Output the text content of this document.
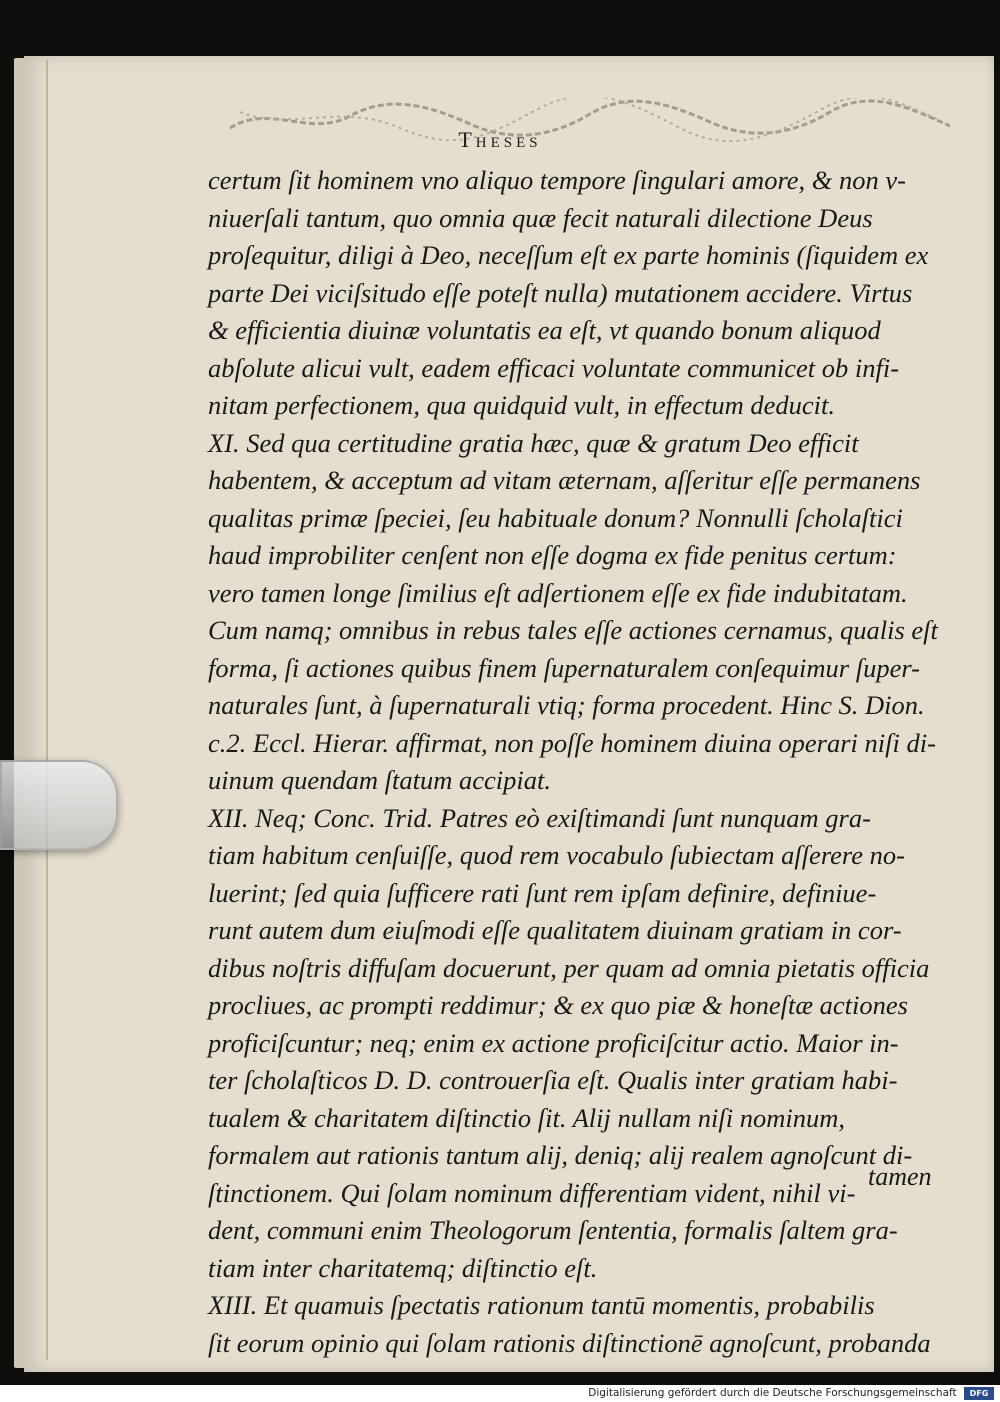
Theses
certum ſit hominem vno aliquo tempore ſingulari amore, & non v-
niuerſali tantum, quo omnia quæ fecit naturali dilectione Deus
proſequitur, diligi à Deo, neceſſum eſt ex parte hominis (ſiquidem ex
parte Dei viciſsitudo eſſe poteſt nulla) mutationem accidere. Virtus
& efficientia diuinæ voluntatis ea eſt, vt quando bonum aliquod
abſolute alicui vult, eadem efficaci voluntate communicet ob infi-
nitam perfectionem, qua quidquid vult, in effectum deducit.
XI. Sed qua certitudine gratia hæc, quæ & gratum Deo efficit
habentem, & acceptum ad vitam æternam, aſſeritur eſſe permanens
qualitas primæ ſpeciei, ſeu habituale donum? Nonnulli ſcholaſtici
haud improbiliter cenſent non eſſe dogma ex fide penitus certum:
vero tamen longe ſimilius eſt adſertionem eſſe ex fide indubitatam.
Cum namq; omnibus in rebus tales eſſe actiones cernamus, qualis eſt
forma, ſi actiones quibus finem ſupernaturalem conſequimur ſuper-
naturales ſunt, à ſupernaturali vtiq; forma procedent. Hinc S. Dion.
c.2. Eccl. Hierar. affirmat, non poſſe hominem diuina operari niſi di-
uinum quendam ſtatum accipiat.
XII. Neq; Conc. Trid. Patres eò exiſtimandi ſunt nunquam gra-
tiam habitum cenſuiſſe, quod rem vocabulo ſubiectam aſſerere no-
luerint; ſed quia ſufficere rati ſunt rem ipſam definire, definiue-
runt autem dum eiuſmodi eſſe qualitatem diuinam gratiam in cor-
dibus noſtris diffuſam docuerunt, per quam ad omnia pietatis officia
procliues, ac prompti reddimur; & ex quo piæ & honeſtæ actiones
proficiſcuntur; neq; enim ex actione proficiſcitur actio. Maior in-
ter ſcholaſticos D. D. controuerſia eſt. Qualis inter gratiam habi-
tualem & charitatem diſtinctio ſit. Alij nullam niſi nominum,
formalem aut rationis tantum alij, deniq; alij realem agnoſcunt di-
ſtinctionem. Qui ſolam nominum differentiam vident, nihil vi-
dent, communi enim Theologorum ſententia, formalis ſaltem gra-
tiam inter charitatemq; diſtinctio eſt.
XIII. Et quamuis ſpectatis rationum tantū momentis, probabilis
ſit eorum opinio qui ſolam rationis diſtinctionē agnoſcunt, probanda
tamen
Digitalisierung gefördert durch die Deutsche Forschungsgemeinschaft DFG
